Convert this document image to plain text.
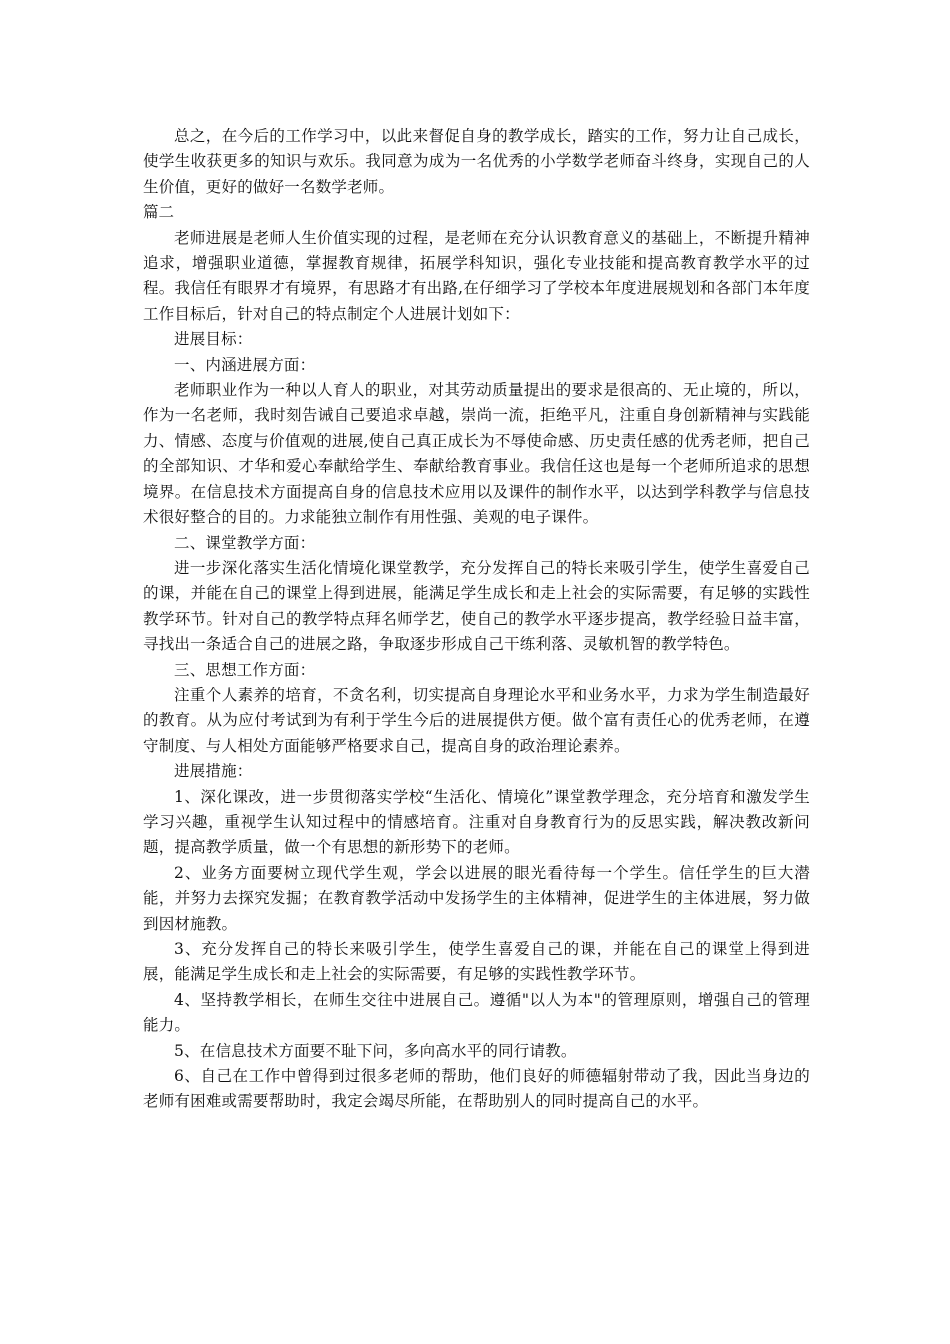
总之，在今后的工作学习中，以此来督促自身的教学成长，踏实的工作，努力让自己成长，使学生收获更多的知识与欢乐。我同意为成为一名优秀的小学数学老师奋斗终身，实现自己的人生价值，更好的做好一名数学老师。

篇二

老师进展是老师人生价值实现的过程，是老师在充分认识教育意义的基础上，不断提升精神追求，增强职业道德，掌握教育规律，拓展学科知识，强化专业技能和提高教育教学水平的过程。我信任有眼界才有境界，有思路才有出路,在仔细学习了学校本年度进展规划和各部门本年度工作目标后，针对自己的特点制定个人进展计划如下：

进展目标：

一、内涵进展方面：

老师职业作为一种以人育人的职业，对其劳动质量提出的要求是很高的、无止境的，所以，作为一名老师，我时刻告诫自己要追求卓越，崇尚一流，拒绝平凡，注重自身创新精神与实践能力、情感、态度与价值观的进展,使自己真正成长为不辱使命感、历史责任感的优秀老师，把自己的全部知识、才华和爱心奉献给学生、奉献给教育事业。我信任这也是每一个老师所追求的思想境界。在信息技术方面提高自身的信息技术应用以及课件的制作水平，以达到学科教学与信息技术很好整合的目的。力求能独立制作有用性强、美观的电子课件。

二、课堂教学方面：

进一步深化落实生活化情境化课堂教学，充分发挥自己的特长来吸引学生，使学生喜爱自己的课，并能在自己的课堂上得到进展，能满足学生成长和走上社会的实际需要，有足够的实践性教学环节。针对自己的教学特点拜名师学艺，使自己的教学水平逐步提高，教学经验日益丰富，寻找出一条适合自己的进展之路，争取逐步形成自己干练利落、灵敏机智的教学特色。

三、思想工作方面：

注重个人素养的培育，不贪名利，切实提高自身理论水平和业务水平，力求为学生制造最好的教育。从为应付考试到为有利于学生今后的进展提供方便。做个富有责任心的优秀老师，在遵守制度、与人相处方面能够严格要求自己，提高自身的政治理论素养。

进展措施：

1、深化课改，进一步贯彻落实学校“生活化、情境化”课堂教学理念，充分培育和激发学生学习兴趣，重视学生认知过程中的情感培育。注重对自身教育行为的反思实践，解决教改新问题，提高教学质量，做一个有思想的新形势下的老师。

2、业务方面要树立现代学生观，学会以进展的眼光看待每一个学生。信任学生的巨大潜能，并努力去探究发掘；在教育教学活动中发扬学生的主体精神，促进学生的主体进展，努力做到因材施教。

3、充分发挥自己的特长来吸引学生，使学生喜爱自己的课，并能在自己的课堂上得到进展，能满足学生成长和走上社会的实际需要，有足够的实践性教学环节。

4、坚持教学相长，在师生交往中进展自己。遵循"以人为本"的管理原则，增强自己的管理能力。

5、在信息技术方面要不耻下问，多向高水平的同行请教。

6、自己在工作中曾得到过很多老师的帮助，他们良好的师德辐射带动了我，因此当身边的老师有困难或需要帮助时，我定会竭尽所能，在帮助别人的同时提高自己的水平。
